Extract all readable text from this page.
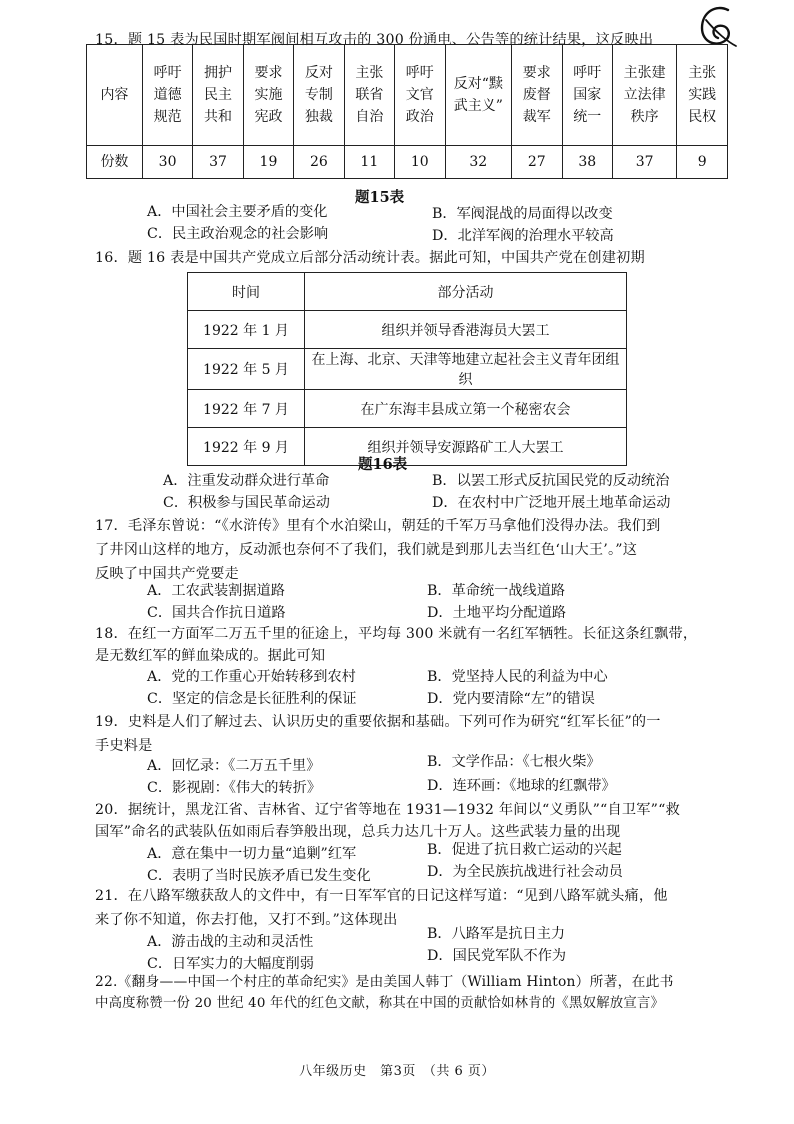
15．题 15 表为民国时期军阀间相互攻击的 300 份通电、公告等的统计结果，这反映出
内容	呼吁道德规范	拥护民主共和	要求实施宪政	反对专制独裁	主张联省自治	呼吁文官政治	反对“黩武主义”	要求废督裁军	呼吁国家统一	主张建立法律秩序	主张实践民权

份数	30	37	19	26	11	10	32	27	38	37	9
题15表
A．中国社会主要矛盾的变化	B．军阀混战的局面得以改变
C．民主政治观念的社会影响	D．北洋军阀的治理水平较高
16．题 16 表是中国共产党成立后部分活动统计表。据此可知，中国共产党在创建初期
时间	部分活动
1922 年 1 月	组织并领导香港海员大罢工
1922 年 5 月	在上海、北京、天津等地建立起社会主义青年团组织
1922 年 7 月	在广东海丰县成立第一个秘密农会
1922 年 9 月	组织并领导安源路矿工人大罢工
题16表
A．注重发动群众进行革命	B．以罢工形式反抗国民党的反动统治
C．积极参与国民革命运动	D．在农村中广泛地开展土地革命运动
17．毛泽东曾说：“《水浒传》里有个水泊梁山，朝廷的千军万马拿他们没得办法。我们到
了井冈山这样的地方，反动派也奈何不了我们，我们就是到那儿去当红色‘山大王’。”这
反映了中国共产党要走
A．工农武装割据道路	B．革命统一战线道路
C．国共合作抗日道路	D．土地平均分配道路
18．在红一方面军二万五千里的征途上，平均每 300 米就有一名红军牺牲。长征这条红飘带，
是无数红军的鲜血染成的。据此可知
A．党的工作重心开始转移到农村	B．党坚持人民的利益为中心
C．坚定的信念是长征胜利的保证	D．党内要清除“左”的错误
19．史料是人们了解过去、认识历史的重要依据和基础。下列可作为研究“红军长征”的一
手史料是
A．回忆录：《二万五千里》	B．文学作品：《七根火柴》
C．影视剧：《伟大的转折》	D．连环画：《地球的红飘带》
20．据统计，黑龙江省、吉林省、辽宁省等地在 1931—1932 年间以“义勇队”“自卫军”“救
国军”命名的武装队伍如雨后春笋般出现，总兵力达几十万人。这些武装力量的出现
A．意在集中一切力量“追剿”红军	B．促进了抗日救亡运动的兴起
C．表明了当时民族矛盾已发生变化	D．为全民族抗战进行社会动员
21．在八路军缴获敌人的文件中，有一日军军官的日记这样写道：“见到八路军就头痛，他
来了你不知道，你去打他，又打不到。”这体现出
A．游击战的主动和灵活性	B．八路军是抗日主力
C．日军实力的大幅度削弱	D．国民党军队不作为
22.《翻身——中国一个村庄的革命纪实》是由美国人韩丁（William Hinton）所著，在此书
中高度称赞一份 20 世纪 40 年代的红色文献，称其在中国的贡献恰如林肯的《黑奴解放宣言》
八年级历史　第3页　（共 6 页）
